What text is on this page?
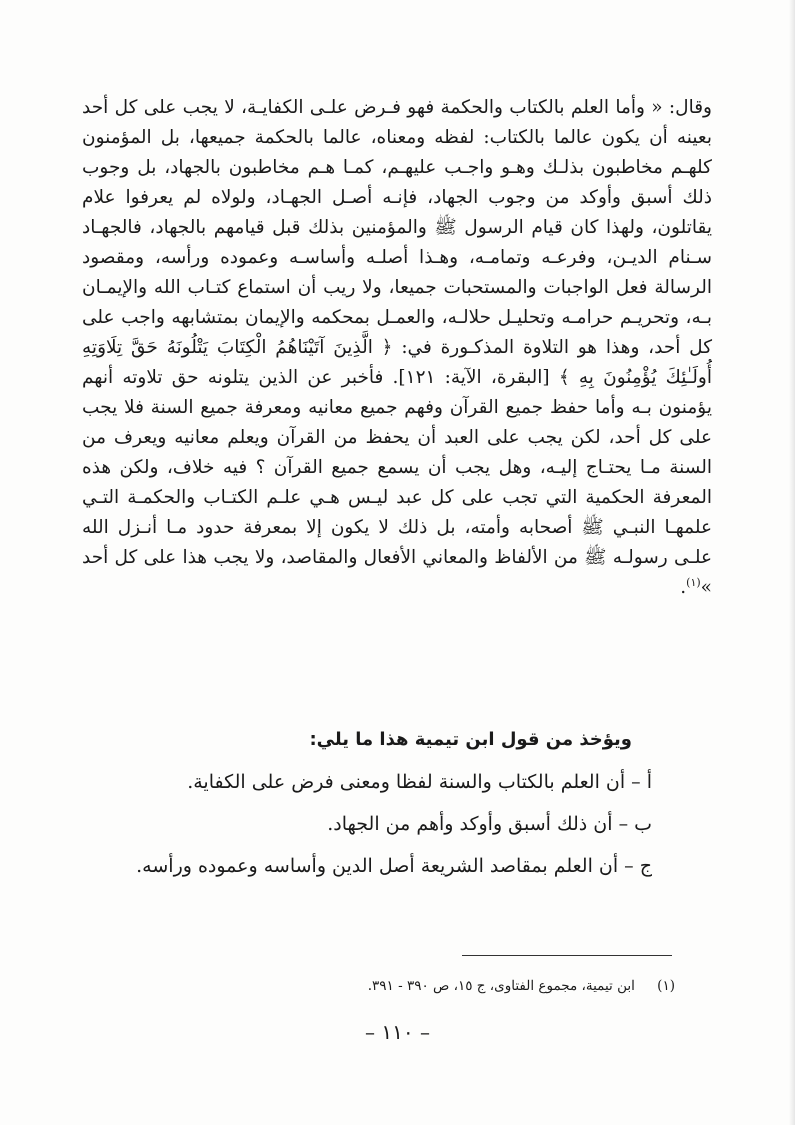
وقال: « وأما العلم بالكتاب والحكمة فهو فـرض علـى الكفايـة، لا يجب على كل أحد بعينه أن يكون عالما بالكتاب: لفظه ومعناه، عالما بالحكمة جميعها، بل المؤمنون كلهـم مخاطبون بذلـك وهـو واجـب عليهـم، كمـا هـم مخاطبون بالجهاد، بل وجوب ذلك أسبق وأوكد من وجوب الجهاد، فإنـه أصـل الجهـاد، ولولاه لم يعرفوا علام يقاتلون، ولهذا كان قيام الرسول ﷺ والمؤمنين بذلك قبل قيامهم بالجهاد، فالجهـاد سـنام الديـن، وفرعـه وتمامـه، وهـذا أصلـه وأساسـه وعموده ورأسه، ومقصود الرسالة فعل الواجبات والمستحبات جميعا، ولا ريب أن استماع كتـاب الله والإيمـان بـه، وتحريـم حرامـه وتحليـل حلالـه، والعمـل بمحكمه والإيمان بمتشابهه واجب على كل أحد، وهذا هو التلاوة المذكـورة في: ﴿ الَّذِينَ آتَيْنَاهُمُ الْكِتَابَ يَتْلُونَهُ حَقَّ تِلَاوَتِهِ أُولَـٰئِكَ يُؤْمِنُونَ بِهِ ﴾ [البقرة، الآية: ١٢١]. فأخبر عن الذين يتلونه حق تلاوته أنهم يؤمنون بـه وأما حفظ جميع القرآن وفهم جميع معانيه ومعرفة جميع السنة فلا يجب على كل أحد، لكن يجب على العبد أن يحفظ من القرآن ويعلم معانيه ويعرف من السنة مـا يحتـاج إليـه، وهل يجب أن يسمع جميع القرآن ؟ فيه خلاف، ولكن هذه المعرفة الحكمية التي تجب على كل عبد ليـس هـي علـم الكتـاب والحكمـة التـي علمهـا النبـي ﷺ أصحابه وأمته، بل ذلك لا يكون إلا بمعرفة حدود مـا أنـزل الله علـى رسولـه ﷺ من الألفاظ والمعاني الأفعال والمقاصد، ولا يجب هذا على كل أحد »$^{(١)}$.

ويؤخذ من قول ابن تيمية هذا ما يلي:

أ – أن العلم بالكتاب والسنة لفظا ومعنى فرض على الكفاية.

ب – أن ذلك أسبق وأوكد وأهم من الجهاد.

ج – أن العلم بمقاصد الشريعة أصل الدين وأساسه وعموده ورأسه.

(١) ابن تيمية، مجموع الفتاوى، ج ١٥، ص ٣٩٠ - ٣٩١.
– ١١٠ –
